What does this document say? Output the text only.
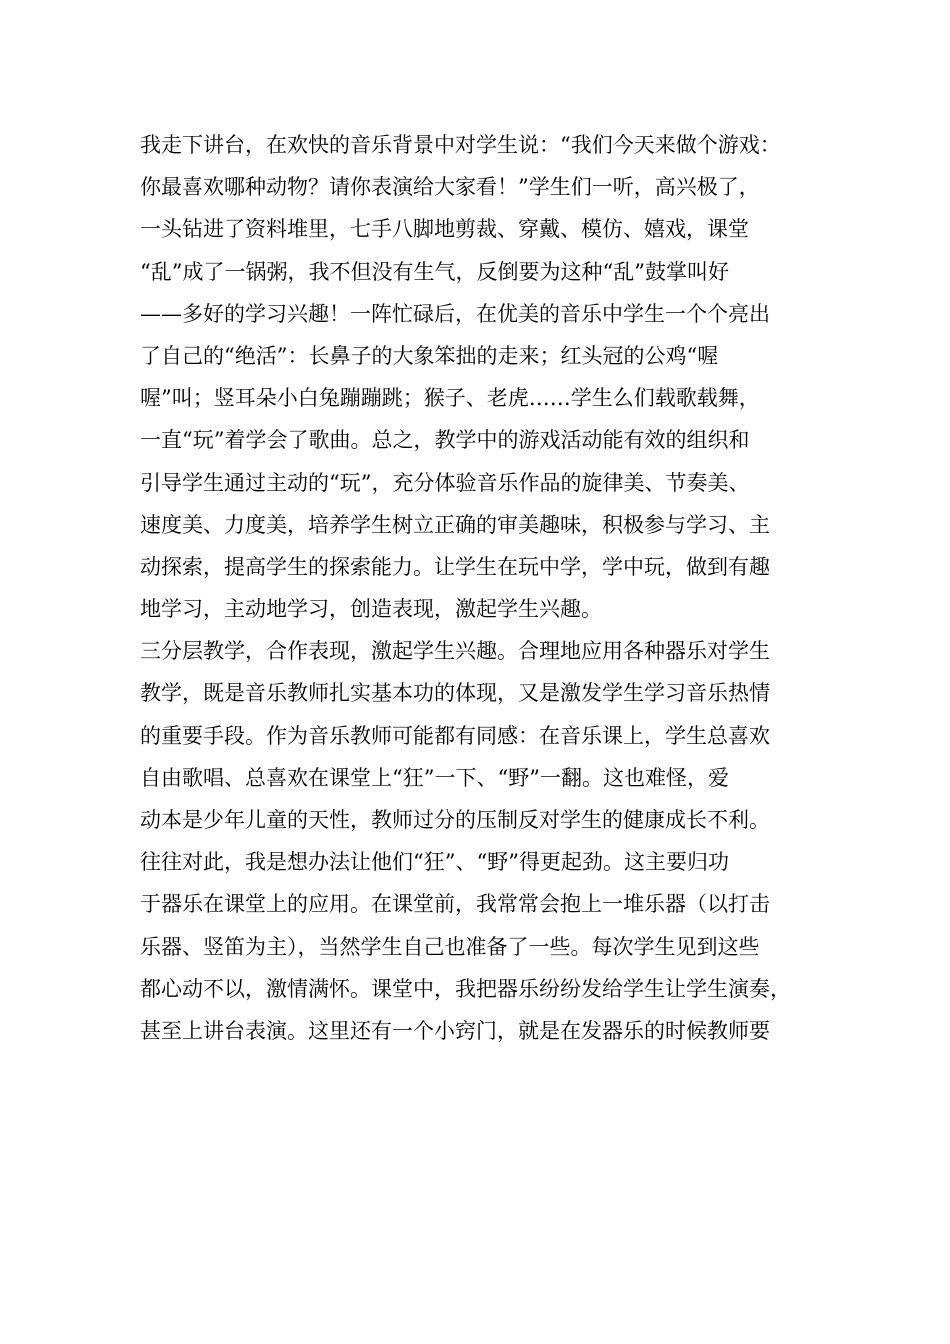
我走下讲台，在欢快的音乐背景中对学生说：“我们今天来做个游戏：
你最喜欢哪种动物？请你表演给大家看！”学生们一听，高兴极了，
一头钻进了资料堆里，七手八脚地剪裁、穿戴、模仿、嬉戏，课堂
“乱”成了一锅粥，我不但没有生气，反倒要为这种“乱”鼓掌叫好
——多好的学习兴趣！一阵忙碌后，在优美的音乐中学生一个个亮出
了自己的“绝活”：长鼻子的大象笨拙的走来；红头冠的公鸡“喔
喔”叫；竖耳朵小白兔蹦蹦跳；猴子、老虎……学生么们载歌载舞，
一直“玩”着学会了歌曲。总之，教学中的游戏活动能有效的组织和
引导学生通过主动的“玩”，充分体验音乐作品的旋律美、节奏美、
速度美、力度美，培养学生树立正确的审美趣味，积极参与学习、主
动探索，提高学生的探索能力。让学生在玩中学，学中玩，做到有趣
地学习，主动地学习，创造表现，激起学生兴趣。
三分层教学，合作表现，激起学生兴趣。合理地应用各种器乐对学生
教学，既是音乐教师扎实基本功的体现，又是激发学生学习音乐热情
的重要手段。作为音乐教师可能都有同感：在音乐课上，学生总喜欢
自由歌唱、总喜欢在课堂上“狂”一下、“野”一翻。这也难怪，爱
动本是少年儿童的天性，教师过分的压制反对学生的健康成长不利。
往往对此，我是想办法让他们“狂”、“野”得更起劲。这主要归功
于器乐在课堂上的应用。在课堂前，我常常会抱上一堆乐器（以打击
乐器、竖笛为主），当然学生自己也准备了一些。每次学生见到这些
都心动不以，激情满怀。课堂中，我把器乐纷纷发给学生让学生演奏，
甚至上讲台表演。这里还有一个小窍门，就是在发器乐的时候教师要
